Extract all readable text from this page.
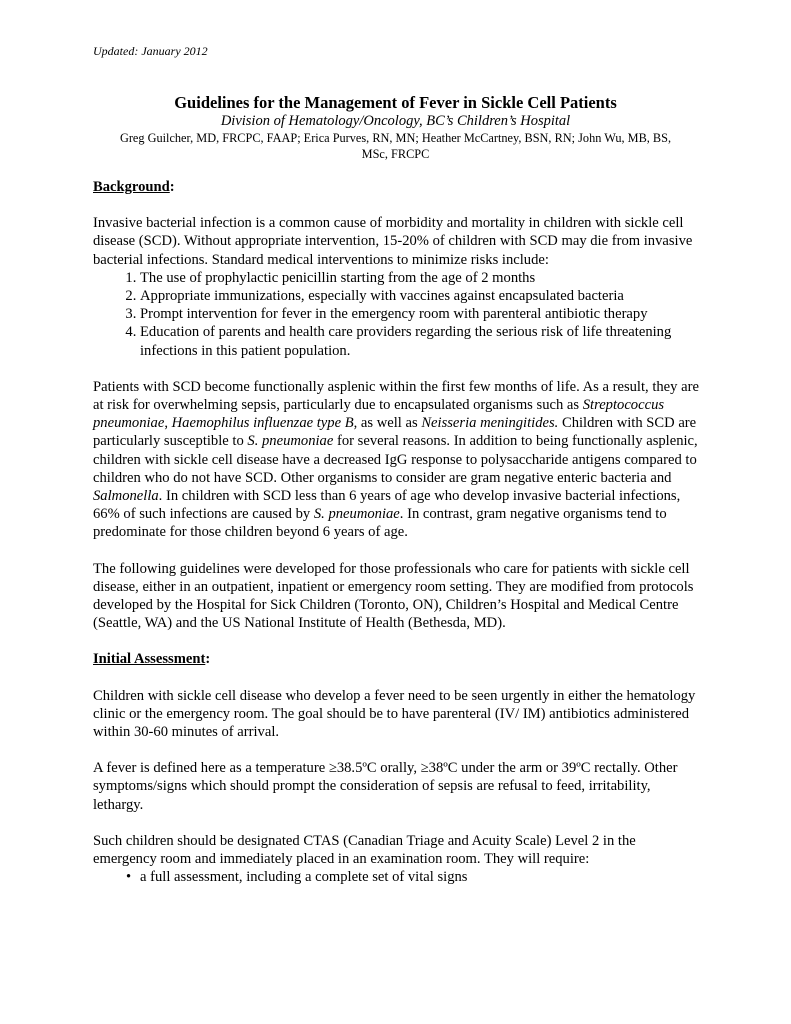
Updated: January 2012
Guidelines for the Management of Fever in Sickle Cell Patients
Division of Hematology/Oncology, BC’s Children’s Hospital
Greg Guilcher, MD, FRCPC, FAAP; Erica Purves, RN, MN; Heather McCartney, BSN, RN; John Wu, MB, BS,
MSc, FRCPC

Background:

Invasive bacterial infection is a common cause of morbidity and mortality in children with sickle cell disease (SCD). Without appropriate intervention, 15-20% of children with SCD may die from invasive bacterial infections. Standard medical interventions to minimize risks include:

1. The use of prophylactic penicillin starting from the age of 2 months
2. Appropriate immunizations, especially with vaccines against encapsulated bacteria
3. Prompt intervention for fever in the emergency room with parenteral antibiotic therapy
4. Education of parents and health care providers regarding the serious risk of life threatening infections in this patient population.

Patients with SCD become functionally asplenic within the first few months of life. As a result, they are at risk for overwhelming sepsis, particularly due to encapsulated organisms such as Streptococcus pneumoniae, Haemophilus influenzae type B, as well as Neisseria meningitides. Children with SCD are particularly susceptible to S. pneumoniae for several reasons. In addition to being functionally asplenic, children with sickle cell disease have a decreased IgG response to polysaccharide antigens compared to children who do not have SCD. Other organisms to consider are gram negative enteric bacteria and Salmonella. In children with SCD less than 6 years of age who develop invasive bacterial infections, 66% of such infections are caused by S. pneumoniae. In contrast, gram negative organisms tend to predominate for those children beyond 6 years of age.

The following guidelines were developed for those professionals who care for patients with sickle cell disease, either in an outpatient, inpatient or emergency room setting. They are modified from protocols developed by the Hospital for Sick Children (Toronto, ON), Children’s Hospital and Medical Centre (Seattle, WA) and the US National Institute of Health (Bethesda, MD).

Initial Assessment:

Children with sickle cell disease who develop a fever need to be seen urgently in either the hematology clinic or the emergency room. The goal should be to have parenteral (IV/ IM) antibiotics administered within 30-60 minutes of arrival.

A fever is defined here as a temperature ≥38.5ºC orally, ≥38ºC under the arm or 39ºC rectally. Other symptoms/signs which should prompt the consideration of sepsis are refusal to feed, irritability, lethargy.

Such children should be designated CTAS (Canadian Triage and Acuity Scale) Level 2 in the emergency room and immediately placed in an examination room. They will require:

• a full assessment, including a complete set of vital signs
